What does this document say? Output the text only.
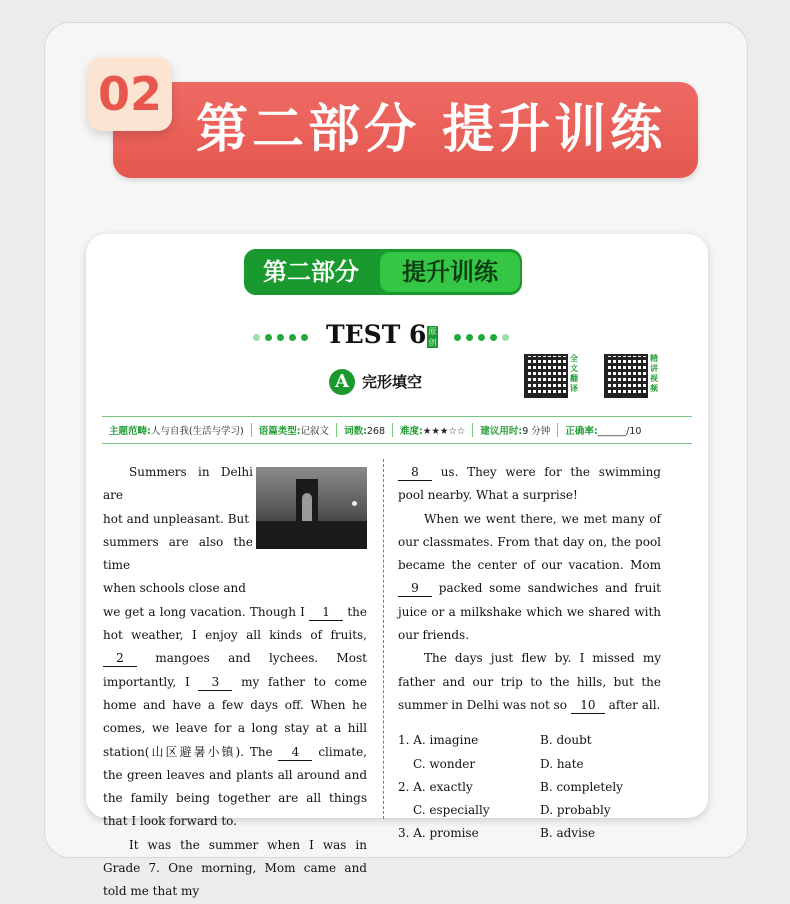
第二部分 提升训练
02
第二部分	提升训练
TEST 6 原创
A 完形填空
全文翻译
精讲视频
主题范畴:人与自我(生活与学习)	语篇类型:记叙文	词数:268	难度:★★★☆☆	建议用时:9 分钟	正确率:______/10

Summers in Delhi are

hot and unpleasant. But

summers are also the time

when schools close and

we get a long vacation. Though I 1 the hot weather, I enjoy all kinds of fruits, 2	mangoes and lychees. Most importantly, I 3 my father to come home and have a few days off. When he comes, we leave for a long stay at a hill station(山区避暑小镇). The 4 climate, the green leaves and plants all around and the family being together are all things that I look forward to.

It was the summer when I was in Grade 7. One morning, Mom came and told me that my

8 us. They were for the swimming pool nearby. What a surprise!

When we went there, we met many of our classmates. From that day on, the pool became the center of our vacation. Mom 9 packed some sandwiches and fruit juice or a milkshake which we shared with our friends.

The days just flew by. I missed my father and our trip to the hills, but the summer in Delhi was not so 10 after all.

1. A. imagine	B. doubt
C. wonder	D. hate
2. A. exactly	B. completely
C. especially	D. probably
3. A. promise	B. advise
